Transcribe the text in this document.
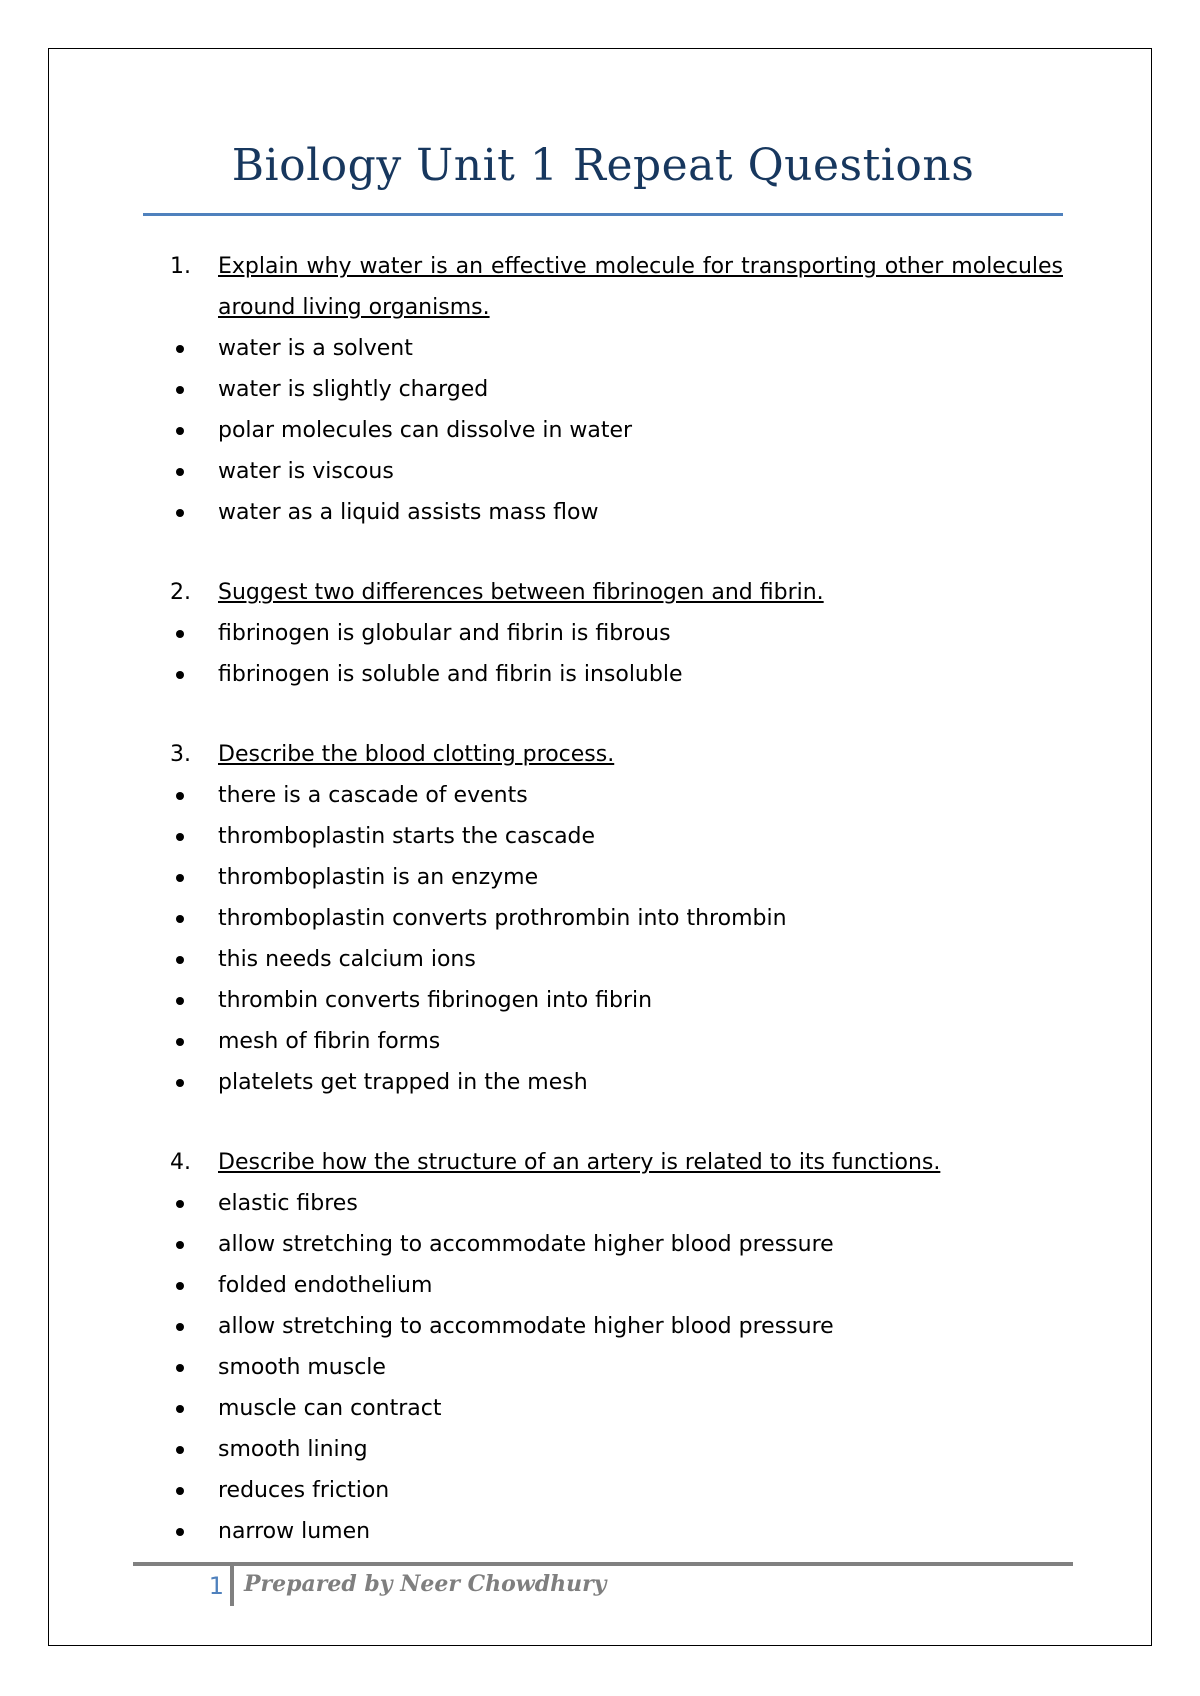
Biology Unit 1 Repeat Questions
1.	Explain why water is an effective molecule for transporting other molecules around living organisms.
water is a solvent
water is slightly charged
polar molecules can dissolve in water
water is viscous
water as a liquid assists mass flow
2.	Suggest two differences between fibrinogen and fibrin.
fibrinogen is globular and fibrin is fibrous
fibrinogen is soluble and fibrin is insoluble
3.	Describe the blood clotting process.
there is a cascade of events
thromboplastin starts the cascade
thromboplastin is an enzyme
thromboplastin converts prothrombin into thrombin
this needs calcium ions
thrombin converts fibrinogen into fibrin
mesh of fibrin forms
platelets get trapped in the mesh
4.	Describe how the structure of an artery is related to its functions.
elastic fibres
allow stretching to accommodate higher blood pressure
folded endothelium
allow stretching to accommodate higher blood pressure
smooth muscle
muscle can contract
smooth lining
reduces friction
narrow lumen
1 Prepared by Neer Chowdhury
